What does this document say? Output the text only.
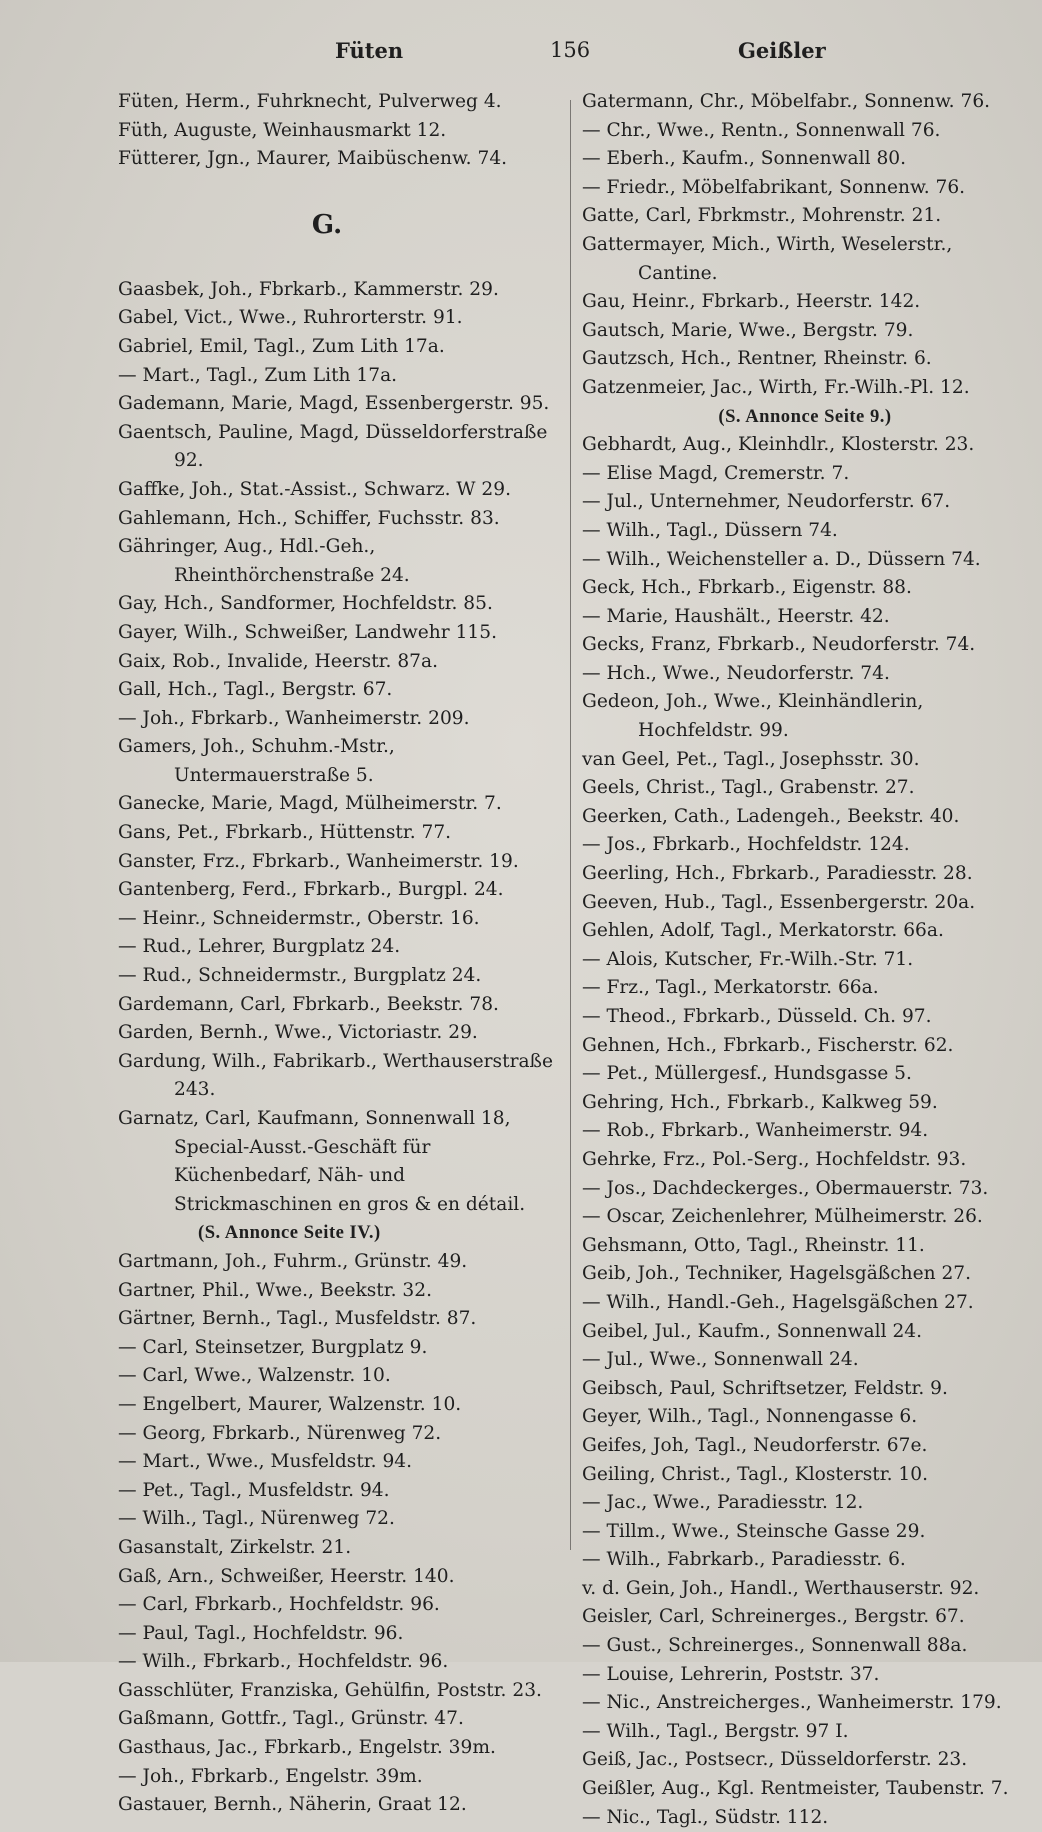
Füten	156	Geißler

Füten, Herm., Fuhrknecht, Pulverweg 4.

Füth, Auguste, Weinhausmarkt 12.

Fütterer, Jgn., Maurer, Maibüschenw. 74.

G.

Gaasbek, Joh., Fbrkarb., Kammerstr. 29.

Gabel, Vict., Wwe., Ruhrorterstr. 91.

Gabriel, Emil, Tagl., Zum Lith 17a.

— Mart., Tagl., Zum Lith 17a.

Gademann, Marie, Magd, Essenbergerstr. 95.

Gaentsch, Pauline, Magd, Düsseldorferstraße 92.

Gaffke, Joh., Stat.-Assist., Schwarz. W 29.

Gahlemann, Hch., Schiffer, Fuchsstr. 83.

Gähringer, Aug., Hdl.-Geh., Rheinthörchenstraße 24.

Gay, Hch., Sandformer, Hochfeldstr. 85.

Gayer, Wilh., Schweißer, Landwehr 115.

Gaix, Rob., Invalide, Heerstr. 87a.

Gall, Hch., Tagl., Bergstr. 67.

— Joh., Fbrkarb., Wanheimerstr. 209.

Gamers, Joh., Schuhm.-Mstr., Untermauerstraße 5.

Ganecke, Marie, Magd, Mülheimerstr. 7.

Gans, Pet., Fbrkarb., Hüttenstr. 77.

Ganster, Frz., Fbrkarb., Wanheimerstr. 19.

Gantenberg, Ferd., Fbrkarb., Burgpl. 24.

— Heinr., Schneidermstr., Oberstr. 16.

— Rud., Lehrer, Burgplatz 24.

— Rud., Schneidermstr., Burgplatz 24.

Gardemann, Carl, Fbrkarb., Beekstr. 78.

Garden, Bernh., Wwe., Victoriastr. 29.

Gardung, Wilh., Fabrikarb., Werthauserstraße 243.

Garnatz, Carl, Kaufmann, Sonnenwall 18, Special-Ausst.-Geschäft für Küchenbedarf, Näh- und Strickmaschinen en gros & en détail.

(S. Annonce Seite IV.)

Gartmann, Joh., Fuhrm., Grünstr. 49.

Gartner, Phil., Wwe., Beekstr. 32.

Gärtner, Bernh., Tagl., Musfeldstr. 87.

— Carl, Steinsetzer, Burgplatz 9.

— Carl, Wwe., Walzenstr. 10.

— Engelbert, Maurer, Walzenstr. 10.

— Georg, Fbrkarb., Nürenweg 72.

— Mart., Wwe., Musfeldstr. 94.

— Pet., Tagl., Musfeldstr. 94.

— Wilh., Tagl., Nürenweg 72.

Gasanstalt, Zirkelstr. 21.

Gaß, Arn., Schweißer, Heerstr. 140.

— Carl, Fbrkarb., Hochfeldstr. 96.

— Paul, Tagl., Hochfeldstr. 96.

— Wilh., Fbrkarb., Hochfeldstr. 96.

Gasschlüter, Franziska, Gehülfin, Poststr. 23.

Gaßmann, Gottfr., Tagl., Grünstr. 47.

Gasthaus, Jac., Fbrkarb., Engelstr. 39m.

— Joh., Fbrkarb., Engelstr. 39m.

Gastauer, Bernh., Näherin, Graat 12.

Gatermann, Chr., Möbelfabr., Sonnenw. 76.

— Chr., Wwe., Rentn., Sonnenwall 76.

— Eberh., Kaufm., Sonnenwall 80.

— Friedr., Möbelfabrikant, Sonnenw. 76.

Gatte, Carl, Fbrkmstr., Mohrenstr. 21.

Gattermayer, Mich., Wirth, Weselerstr., Cantine.

Gau, Heinr., Fbrkarb., Heerstr. 142.

Gautsch, Marie, Wwe., Bergstr. 79.

Gautzsch, Hch., Rentner, Rheinstr. 6.

Gatzenmeier, Jac., Wirth, Fr.-Wilh.-Pl. 12.

(S. Annonce Seite 9.)

Gebhardt, Aug., Kleinhdlr., Klosterstr. 23.

— Elise Magd, Cremerstr. 7.

— Jul., Unternehmer, Neudorferstr. 67.

— Wilh., Tagl., Düssern 74.

— Wilh., Weichensteller a. D., Düssern 74.

Geck, Hch., Fbrkarb., Eigenstr. 88.

— Marie, Haushält., Heerstr. 42.

Gecks, Franz, Fbrkarb., Neudorferstr. 74.

— Hch., Wwe., Neudorferstr. 74.

Gedeon, Joh., Wwe., Kleinhändlerin, Hochfeldstr. 99.

van Geel, Pet., Tagl., Josephsstr. 30.

Geels, Christ., Tagl., Grabenstr. 27.

Geerken, Cath., Ladengeh., Beekstr. 40.

— Jos., Fbrkarb., Hochfeldstr. 124.

Geerling, Hch., Fbrkarb., Paradiesstr. 28.

Geeven, Hub., Tagl., Essenbergerstr. 20a.

Gehlen, Adolf, Tagl., Merkatorstr. 66a.

— Alois, Kutscher, Fr.-Wilh.-Str. 71.

— Frz., Tagl., Merkatorstr. 66a.

— Theod., Fbrkarb., Düsseld. Ch. 97.

Gehnen, Hch., Fbrkarb., Fischerstr. 62.

— Pet., Müllergesf., Hundsgasse 5.

Gehring, Hch., Fbrkarb., Kalkweg 59.

— Rob., Fbrkarb., Wanheimerstr. 94.

Gehrke, Frz., Pol.-Serg., Hochfeldstr. 93.

— Jos., Dachdeckerges., Obermauerstr. 73.

— Oscar, Zeichenlehrer, Mülheimerstr. 26.

Gehsmann, Otto, Tagl., Rheinstr. 11.

Geib, Joh., Techniker, Hagelsgäßchen 27.

— Wilh., Handl.-Geh., Hagelsgäßchen 27.

Geibel, Jul., Kaufm., Sonnenwall 24.

— Jul., Wwe., Sonnenwall 24.

Geibsch, Paul, Schriftsetzer, Feldstr. 9.

Geyer, Wilh., Tagl., Nonnengasse 6.

Geifes, Joh, Tagl., Neudorferstr. 67e.

Geiling, Christ., Tagl., Klosterstr. 10.

— Jac., Wwe., Paradiesstr. 12.

— Tillm., Wwe., Steinsche Gasse 29.

— Wilh., Fabrkarb., Paradiesstr. 6.

v. d. Gein, Joh., Handl., Werthauserstr. 92.

Geisler, Carl, Schreinerges., Bergstr. 67.

— Gust., Schreinerges., Sonnenwall 88a.

— Louise, Lehrerin, Poststr. 37.

— Nic., Anstreicherges., Wanheimerstr. 179.

— Wilh., Tagl., Bergstr. 97 I.

Geiß, Jac., Postsecr., Düsseldorferstr. 23.

Geißler, Aug., Kgl. Rentmeister, Taubenstr. 7.

— Nic., Tagl., Südstr. 112.
